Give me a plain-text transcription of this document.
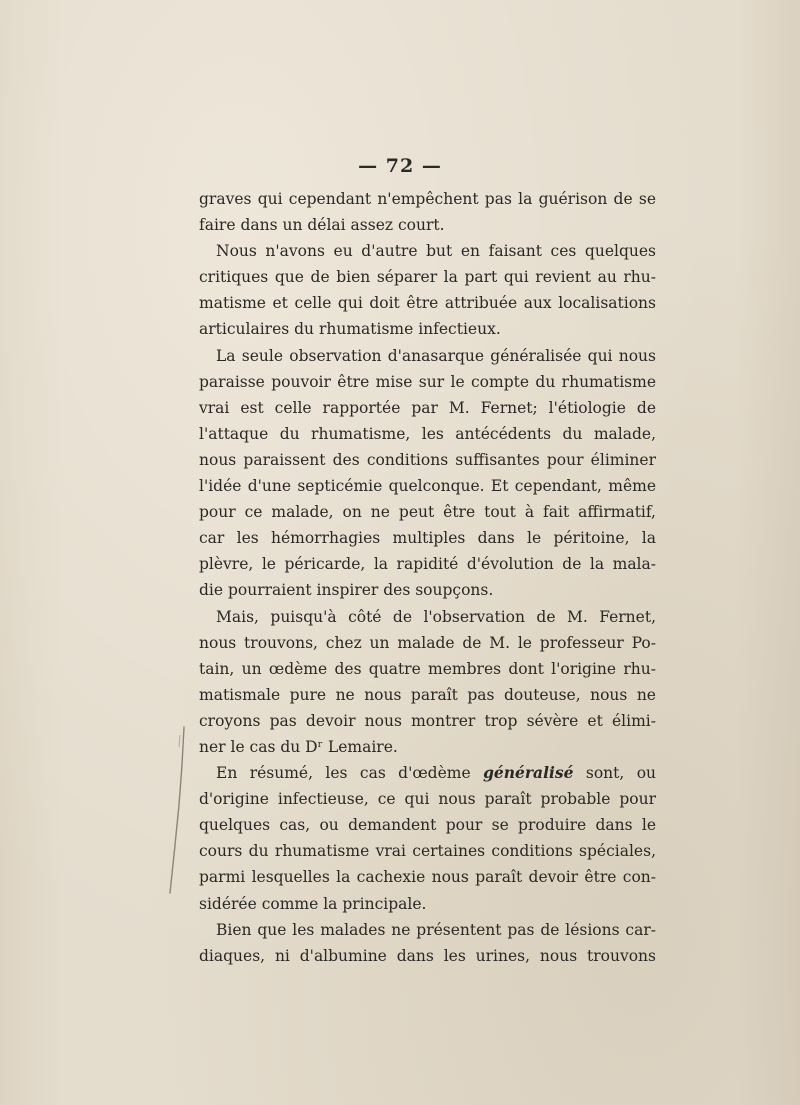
— 72 —
graves qui cependant n'empêchent pas la guérison de se
faire dans un délai assez court.
Nous n'avons eu d'autre but en faisant ces quelques
critiques que de bien séparer la part qui revient au rhu-
matisme et celle qui doit être attribuée aux localisations
articulaires du rhumatisme infectieux.
La seule observation d'anasarque généralisée qui nous
paraisse pouvoir être mise sur le compte du rhumatisme
vrai est celle rapportée par M. Fernet; l'étiologie de
l'attaque du rhumatisme, les antécédents du malade,
nous paraissent des conditions suffisantes pour éliminer
l'idée d'une septicémie quelconque. Et cependant, même
pour ce malade, on ne peut être tout à fait affirmatif,
car les hémorrhagies multiples dans le péritoine, la
plèvre, le péricarde, la rapidité d'évolution de la mala-
die pourraient inspirer des soupçons.
Mais, puisqu'à côté de l'observation de M. Fernet,
nous trouvons, chez un malade de M. le professeur Po-
tain, un œdème des quatre membres dont l'origine rhu-
matismale pure ne nous paraît pas douteuse, nous ne
croyons pas devoir nous montrer trop sévère et élimi-
ner le cas du Dʳ Lemaire.
En résumé, les cas d'œdème généralisé sont, ou
d'origine infectieuse, ce qui nous paraît probable pour
quelques cas, ou demandent pour se produire dans le
cours du rhumatisme vrai certaines conditions spéciales,
parmi lesquelles la cachexie nous paraît devoir être con-
sidérée comme la principale.
Bien que les malades ne présentent pas de lésions car-
diaques, ni d'albumine dans les urines, nous trouvons
